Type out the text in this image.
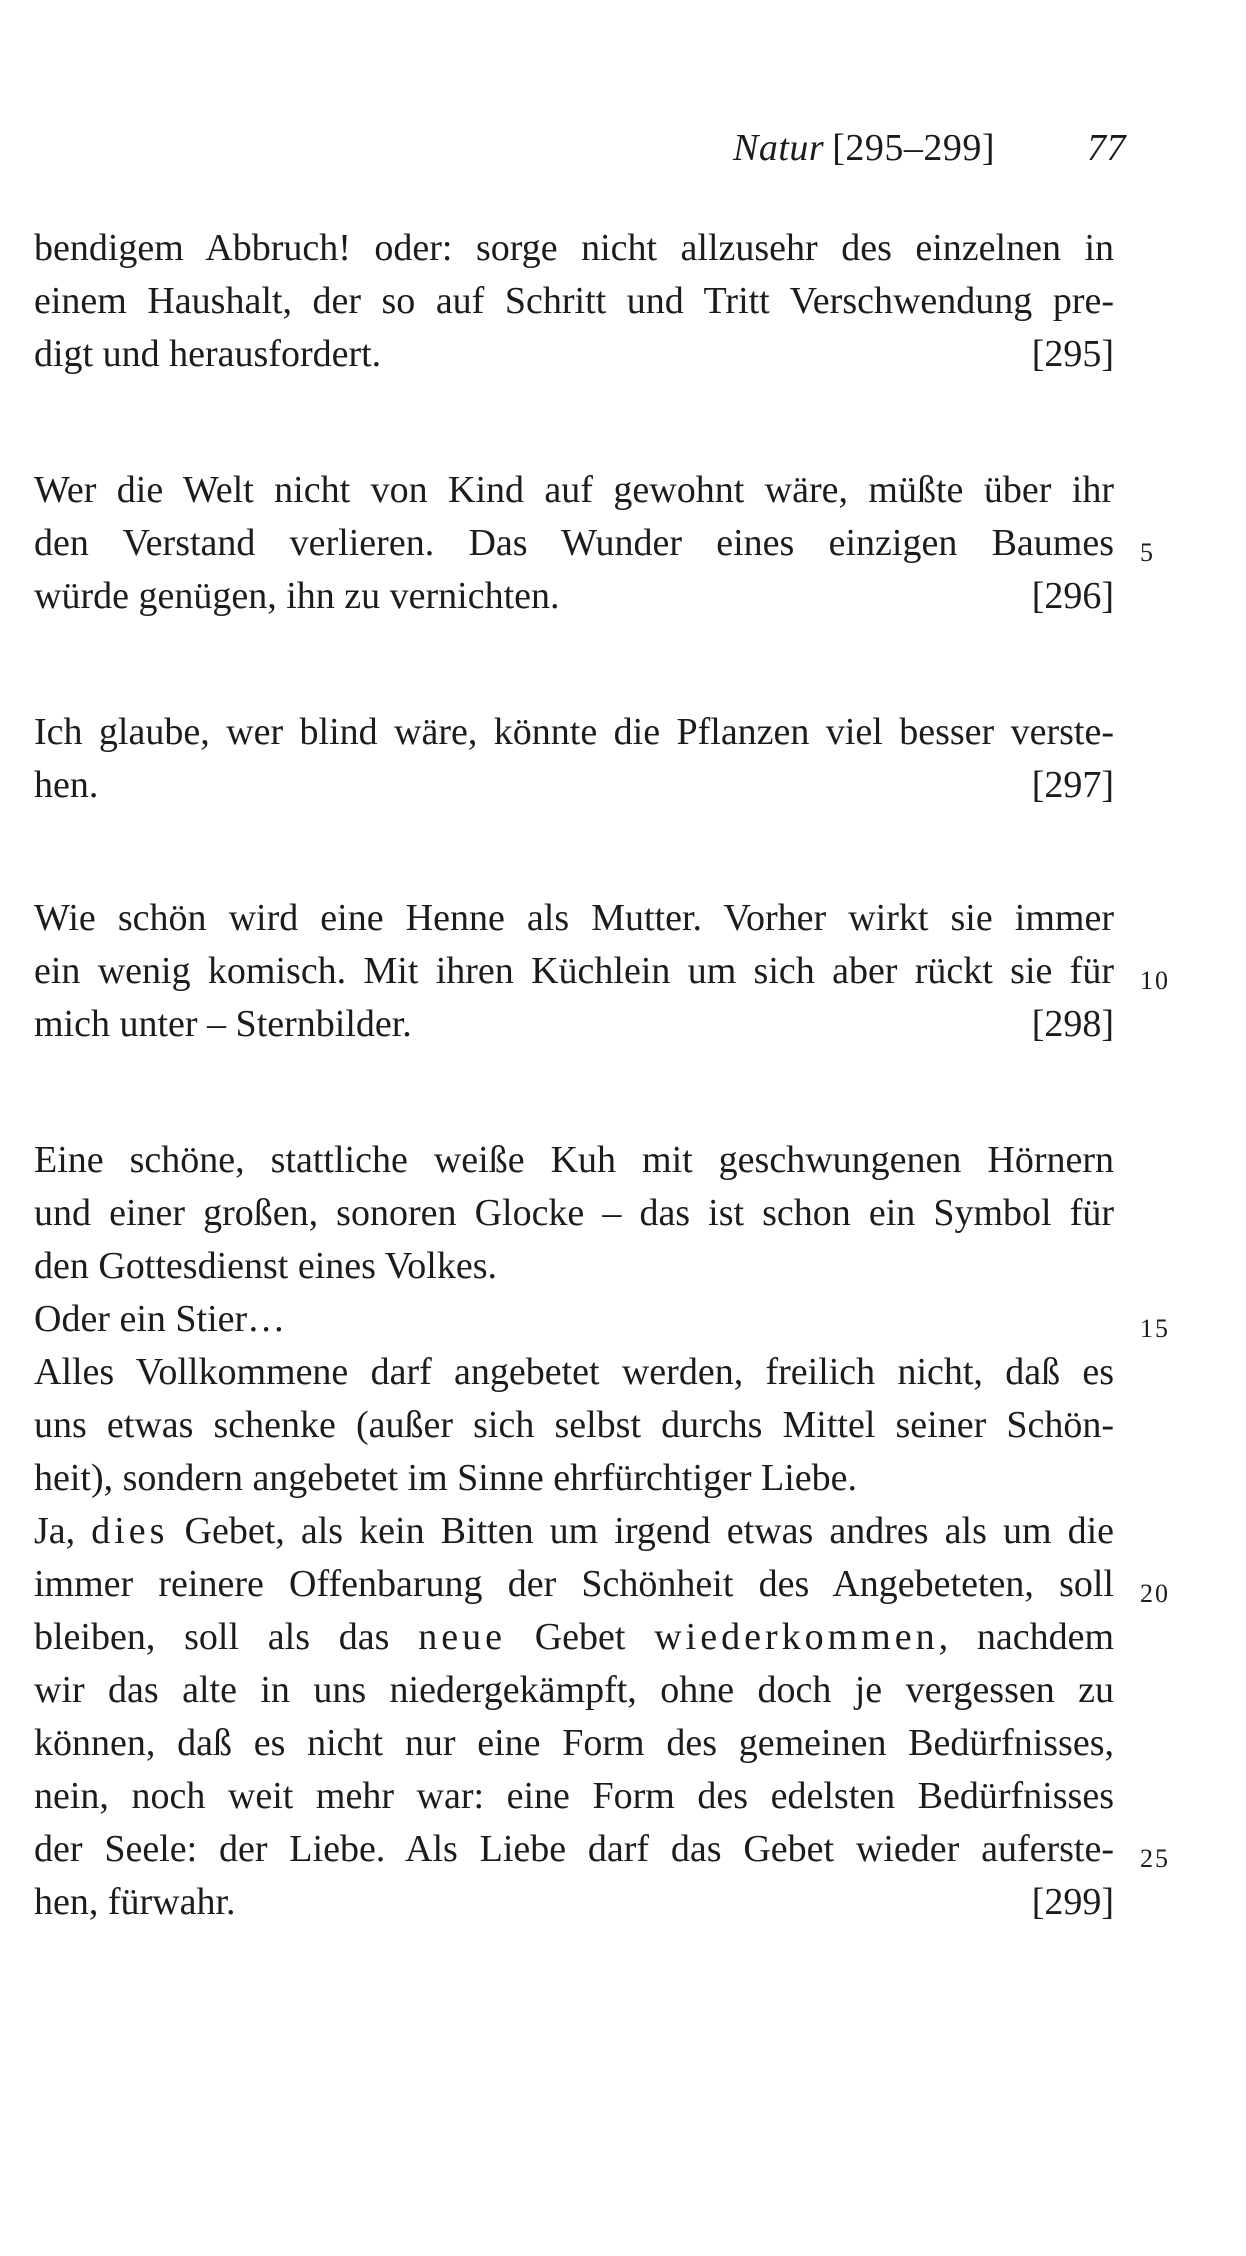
Natur [295–299] 77
bendigem Abbruch! oder: sorge nicht allzusehr des einzelnen in
einem Haushalt, der so auf Schritt und Tritt Verschwendung pre-
digt und herausfordert.	[295]
Wer die Welt nicht von Kind auf gewohnt wäre, müßte über ihr
den Verstand verlieren. Das Wunder eines einzigen Baumes
würde genügen, ihn zu vernichten.	[296]
Ich glaube, wer blind wäre, könnte die Pflanzen viel besser verste-
hen.	[297]
Wie schön wird eine Henne als Mutter. Vorher wirkt sie immer
ein wenig komisch. Mit ihren Küchlein um sich aber rückt sie für
mich unter – Sternbilder.	[298]
Eine schöne, stattliche weiße Kuh mit geschwungenen Hörnern
und einer großen, sonoren Glocke – das ist schon ein Symbol für
den Gottesdienst eines Volkes.
Oder ein Stier…
Alles Vollkommene darf angebetet werden, freilich nicht, daß es
uns etwas schenke (außer sich selbst durchs Mittel seiner Schön-
heit), sondern angebetet im Sinne ehrfürchtiger Liebe.
Ja, dies Gebet, als kein Bitten um irgend etwas andres als um die
immer reinere Offenbarung der Schönheit des Angebeteten, soll
bleiben, soll als das neue Gebet wiederkommen, nachdem
wir das alte in uns niedergekämpft, ohne doch je vergessen zu
können, daß es nicht nur eine Form des gemeinen Bedürfnisses,
nein, noch weit mehr war: eine Form des edelsten Bedürfnisses
der Seele: der Liebe. Als Liebe darf das Gebet wieder auferste-
hen, fürwahr.	[299]
5
10
15
20
25
